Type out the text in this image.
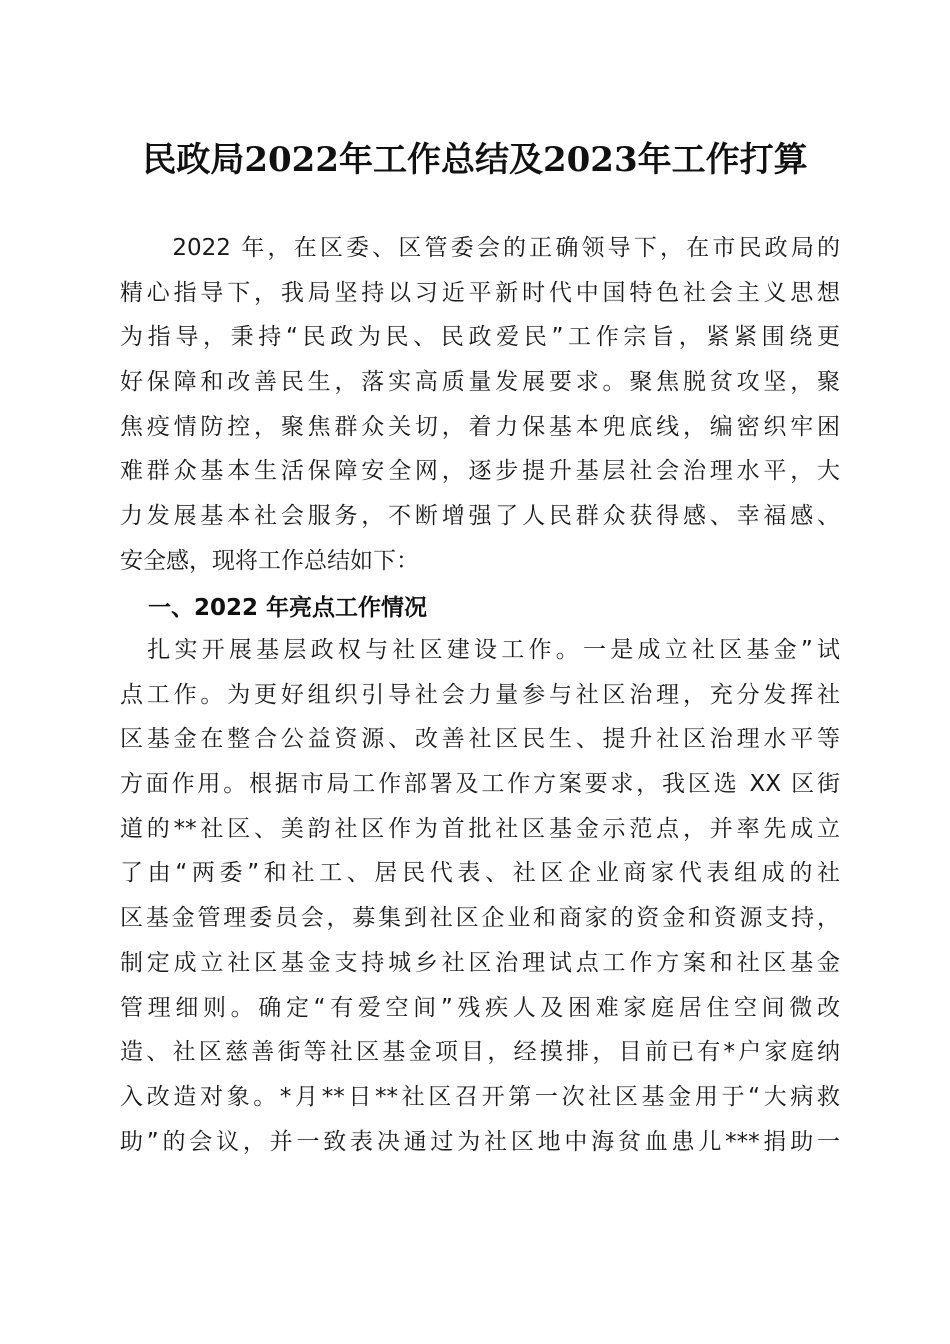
民政局2022年工作总结及2023年工作打算
　　2022 年，在区委、区管委会的正确领导下，在市民政局的
精心指导下，我局坚持以习近平新时代中国特色社会主义思想
为指导，秉持“民政为民、民政爱民”工作宗旨，紧紧围绕更
好保障和改善民生，落实高质量发展要求。聚焦脱贫攻坚，聚
焦疫情防控，聚焦群众关切，着力保基本兜底线，编密织牢困
难群众基本生活保障安全网，逐步提升基层社会治理水平，大
力发展基本社会服务，不断增强了人民群众获得感、幸福感、
安全感，现将工作总结如下：
一、2022 年亮点工作情况
　扎实开展基层政权与社区建设工作。一是成立社区基金”试
点工作。为更好组织引导社会力量参与社区治理，充分发挥社
区基金在整合公益资源、改善社区民生、提升社区治理水平等
方面作用。根据市局工作部署及工作方案要求，我区选 XX 区街
道的**社区、美韵社区作为首批社区基金示范点，并率先成立
了由“两委”和社工、居民代表、社区企业商家代表组成的社
区基金管理委员会，募集到社区企业和商家的资金和资源支持，
制定成立社区基金支持城乡社区治理试点工作方案和社区基金
管理细则。确定“有爱空间”残疾人及困难家庭居住空间微改
造、社区慈善街等社区基金项目，经摸排，目前已有*户家庭纳
入改造对象。*月**日**社区召开第一次社区基金用于“大病救
助”的会议，并一致表决通过为社区地中海贫血患儿***捐助一
